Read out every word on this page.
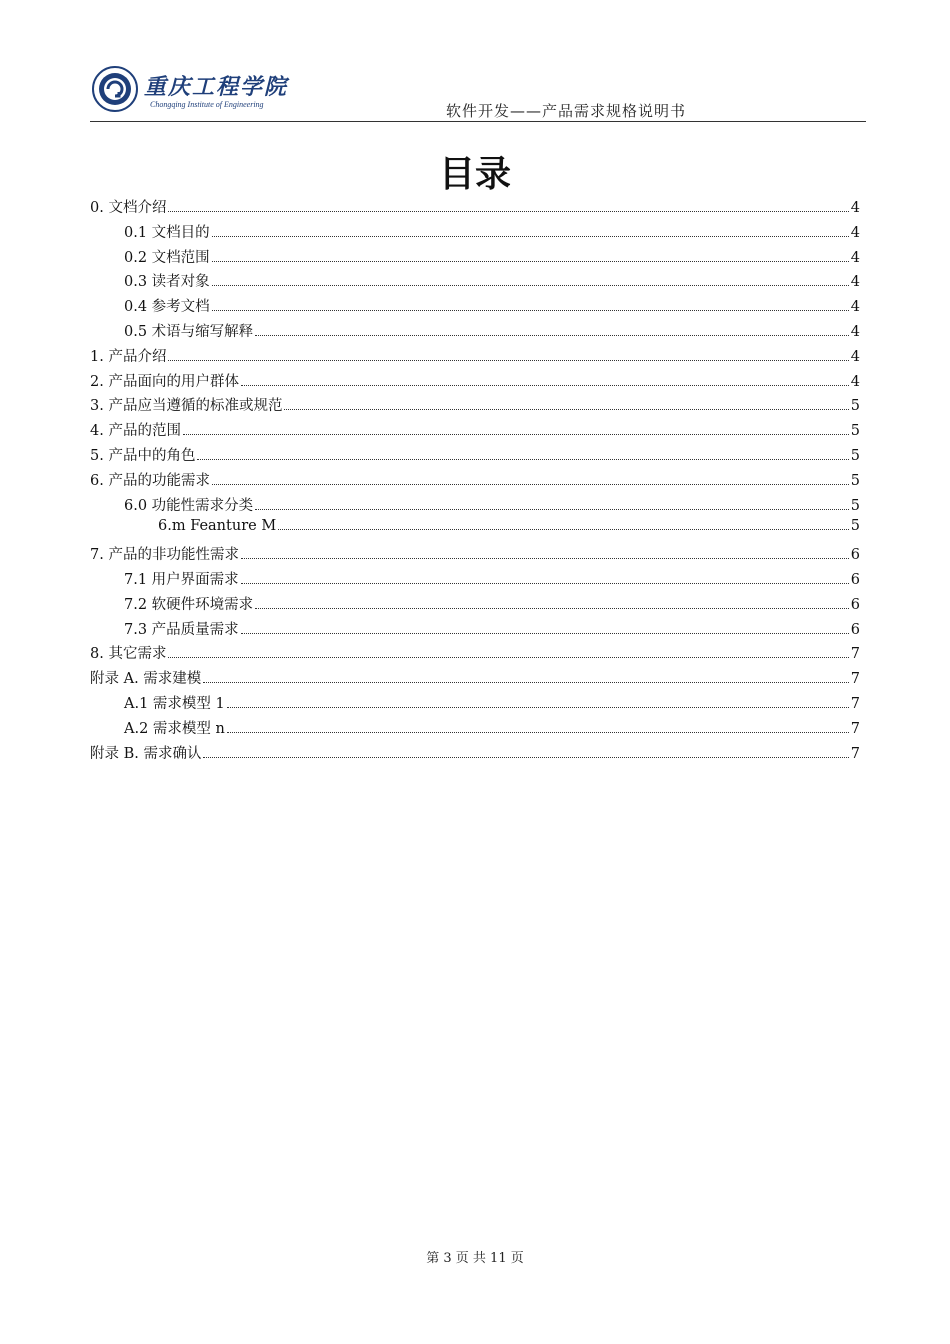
重庆工程学院
Chongqing Institute of Engineering	软件开发——产品需求规格说明书
目录
0. 文档介绍	4
0.1 文档目的	4
0.2 文档范围	4
0.3 读者对象	4
0.4 参考文档	4
0.5 术语与缩写解释	4
1. 产品介绍	4
2. 产品面向的用户群体	4
3. 产品应当遵循的标准或规范	5
4. 产品的范围	5
5. 产品中的角色	5
6. 产品的功能需求	5
6.0 功能性需求分类	5
6.m Feanture M	5
7. 产品的非功能性需求	6
7.1 用户界面需求	6
7.2 软硬件环境需求	6
7.3 产品质量需求	6
8. 其它需求	7
附录 A. 需求建模	7
A.1 需求模型 1	7
A.2 需求模型 n	7
附录 B. 需求确认	7
第 3 页 共 11 页
